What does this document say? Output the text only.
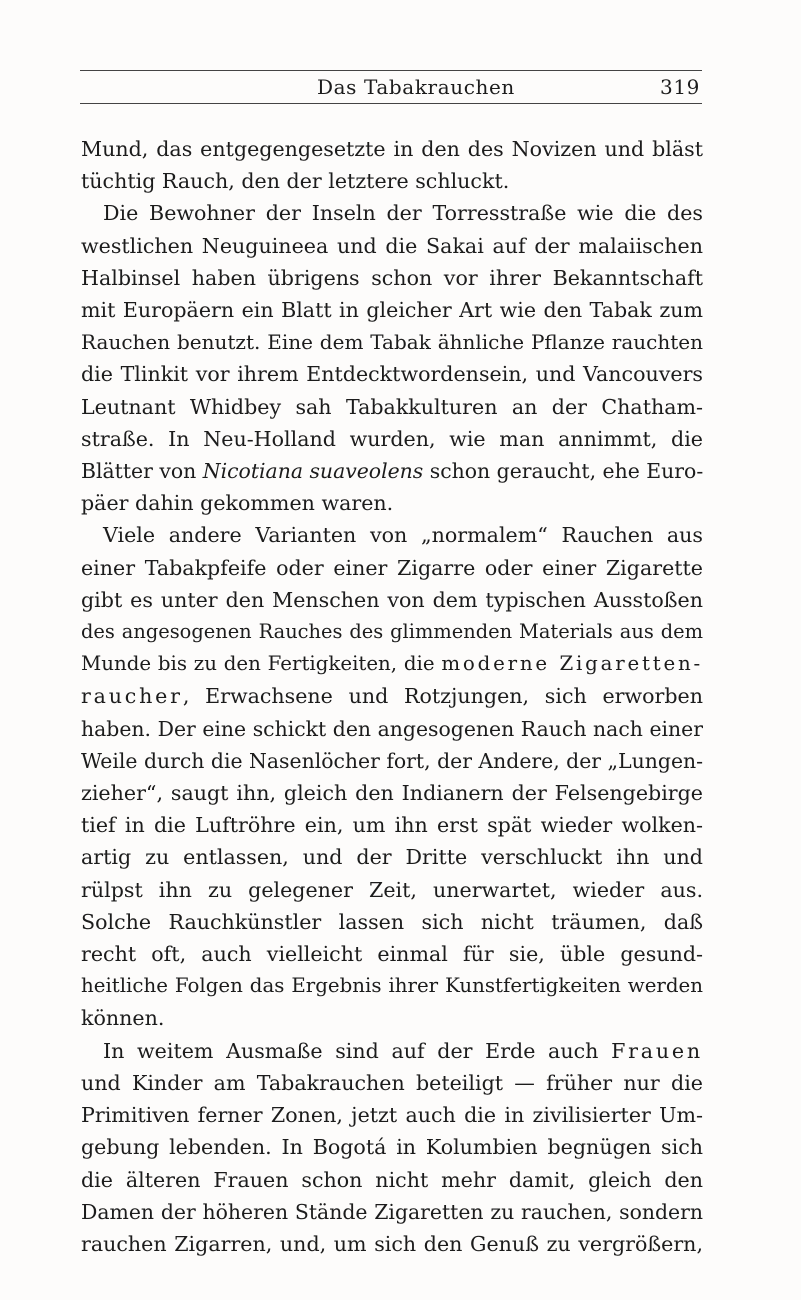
Das Tabakrauchen	319
Mund, das entgegengesetzte in den des Novizen und bläst
tüchtig Rauch, den der letztere schluckt.
Die Bewohner der Inseln der Torresstraße wie die des
westlichen Neuguineea und die Sakai auf der malaiischen
Halbinsel haben übrigens schon vor ihrer Bekanntschaft
mit Europäern ein Blatt in gleicher Art wie den Tabak zum
Rauchen benutzt. Eine dem Tabak ähnliche Pflanze rauchten
die Tlinkit vor ihrem Entdecktwordensein, und Vancouvers
Leutnant Whidbey sah Tabakkulturen an der Chatham-
straße. In Neu-Holland wurden, wie man annimmt, die
Blätter von Nicotiana suaveolens schon geraucht, ehe Euro-
päer dahin gekommen waren.
Viele andere Varianten von „normalem“ Rauchen aus
einer Tabakpfeife oder einer Zigarre oder einer Zigarette
gibt es unter den Menschen von dem typischen Ausstoßen
des angesogenen Rauches des glimmenden Materials aus dem
Munde bis zu den Fertigkeiten, die moderne Zigaretten-
raucher, Erwachsene und Rotzjungen, sich erworben
haben. Der eine schickt den angesogenen Rauch nach einer
Weile durch die Nasenlöcher fort, der Andere, der „Lungen-
zieher“, saugt ihn, gleich den Indianern der Felsengebirge
tief in die Luftröhre ein, um ihn erst spät wieder wolken-
artig zu entlassen, und der Dritte verschluckt ihn und
rülpst ihn zu gelegener Zeit, unerwartet, wieder aus.
Solche Rauchkünstler lassen sich nicht träumen, daß
recht oft, auch vielleicht einmal für sie, üble gesund-
heitliche Folgen das Ergebnis ihrer Kunstfertigkeiten werden
können.
In weitem Ausmaße sind auf der Erde auch Frauen
und Kinder am Tabakrauchen beteiligt — früher nur die
Primitiven ferner Zonen, jetzt auch die in zivilisierter Um-
gebung lebenden. In Bogotá in Kolumbien begnügen sich
die älteren Frauen schon nicht mehr damit, gleich den
Damen der höheren Stände Zigaretten zu rauchen, sondern
rauchen Zigarren, und, um sich den Genuß zu vergrößern,
